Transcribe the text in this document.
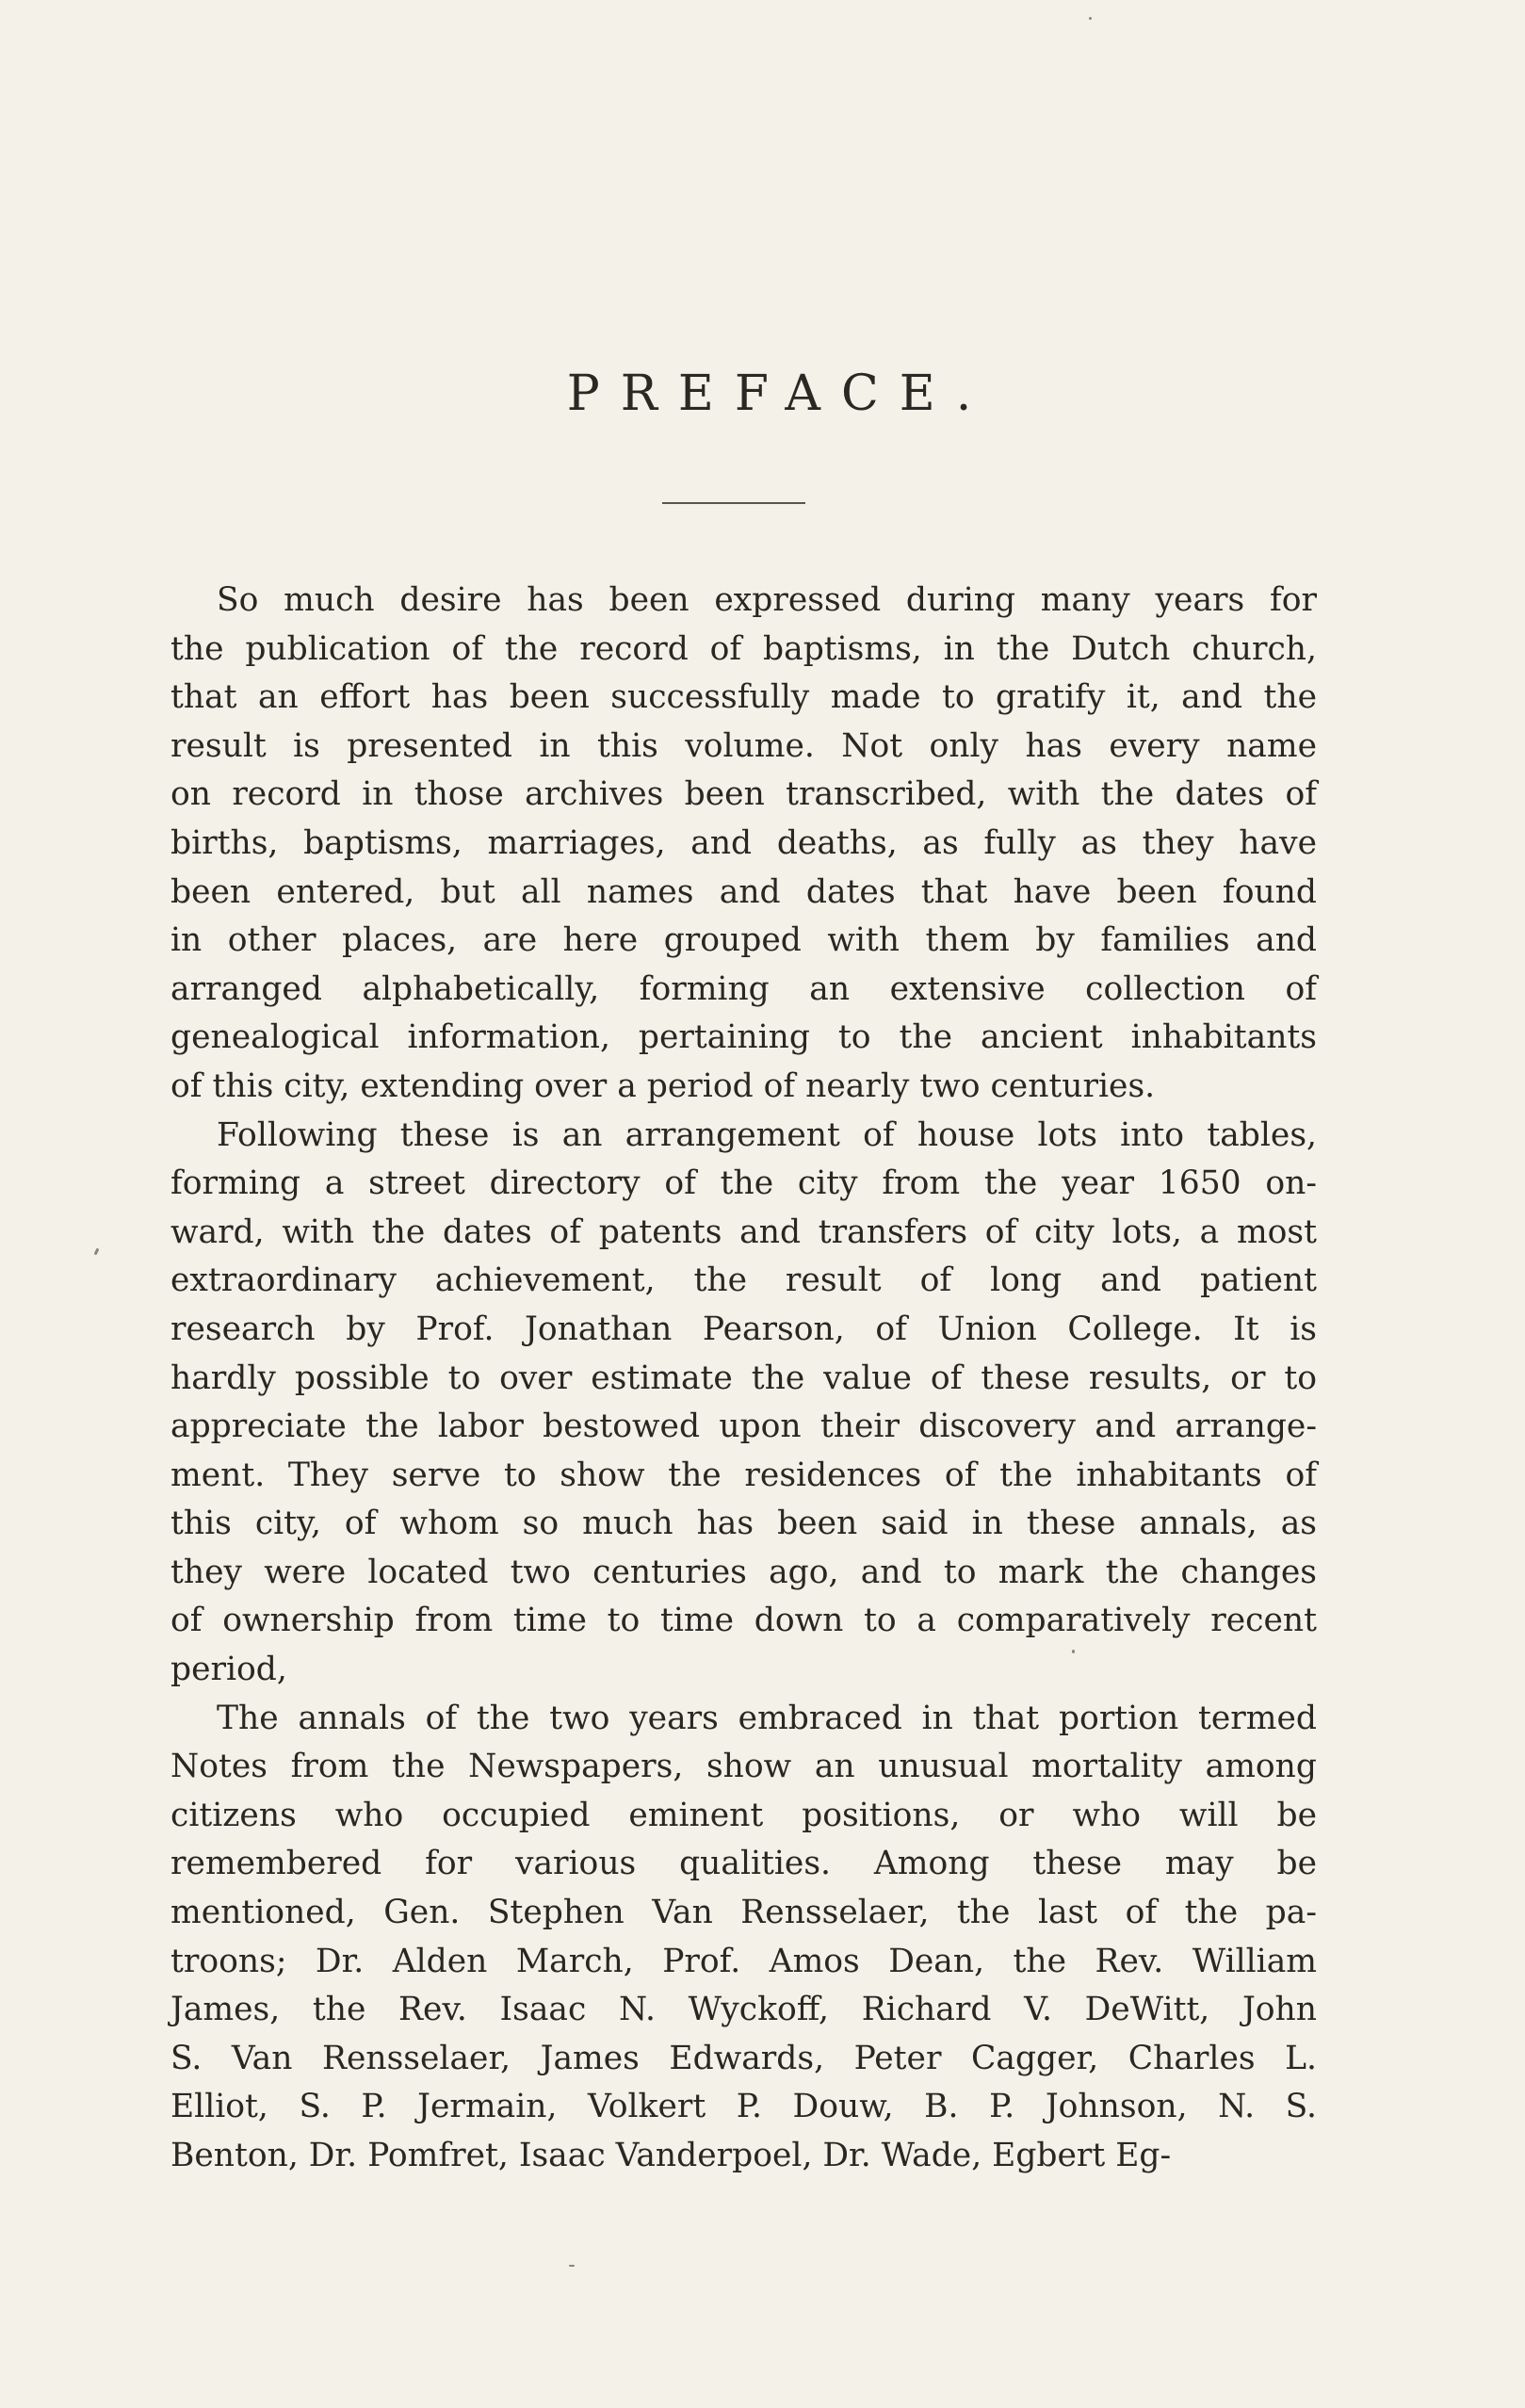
PREFACE.
So much desire has been expressed during many years for
the publication of the record of baptisms, in the Dutch church,
that an effort has been successfully made to gratify it, and the
result is presented in this volume. Not only has every name
on record in those archives been transcribed, with the dates of
births, baptisms, marriages, and deaths, as fully as they have
been entered, but all names and dates that have been found
in other places, are here grouped with them by families and
arranged alphabetically, forming an extensive collection of
genealogical information, pertaining to the ancient inhabitants
of this city, extending over a period of nearly two centuries.
Following these is an arrangement of house lots into tables,
forming a street directory of the city from the year 1650 on-
ward, with the dates of patents and transfers of city lots, a most
extraordinary achievement, the result of long and patient
research by Prof. Jonathan Pearson, of Union College. It is
hardly possible to over estimate the value of these results, or to
appreciate the labor bestowed upon their discovery and arrange-
ment. They serve to show the residences of the inhabitants of
this city, of whom so much has been said in these annals, as
they were located two centuries ago, and to mark the changes
of ownership from time to time down to a comparatively recent
period,
The annals of the two years embraced in that portion termed
Notes from the Newspapers, show an unusual mortality among
citizens who occupied eminent positions, or who will be
remembered for various qualities. Among these may be
mentioned, Gen. Stephen Van Rensselaer, the last of the pa-
troons; Dr. Alden March, Prof. Amos Dean, the Rev. William
James, the Rev. Isaac N. Wyckoff, Richard V. DeWitt, John
S. Van Rensselaer, James Edwards, Peter Cagger, Charles L.
Elliot, S. P. Jermain, Volkert P. Douw, B. P. Johnson, N. S.
Benton, Dr. Pomfret, Isaac Vanderpoel, Dr. Wade, Egbert Eg-
